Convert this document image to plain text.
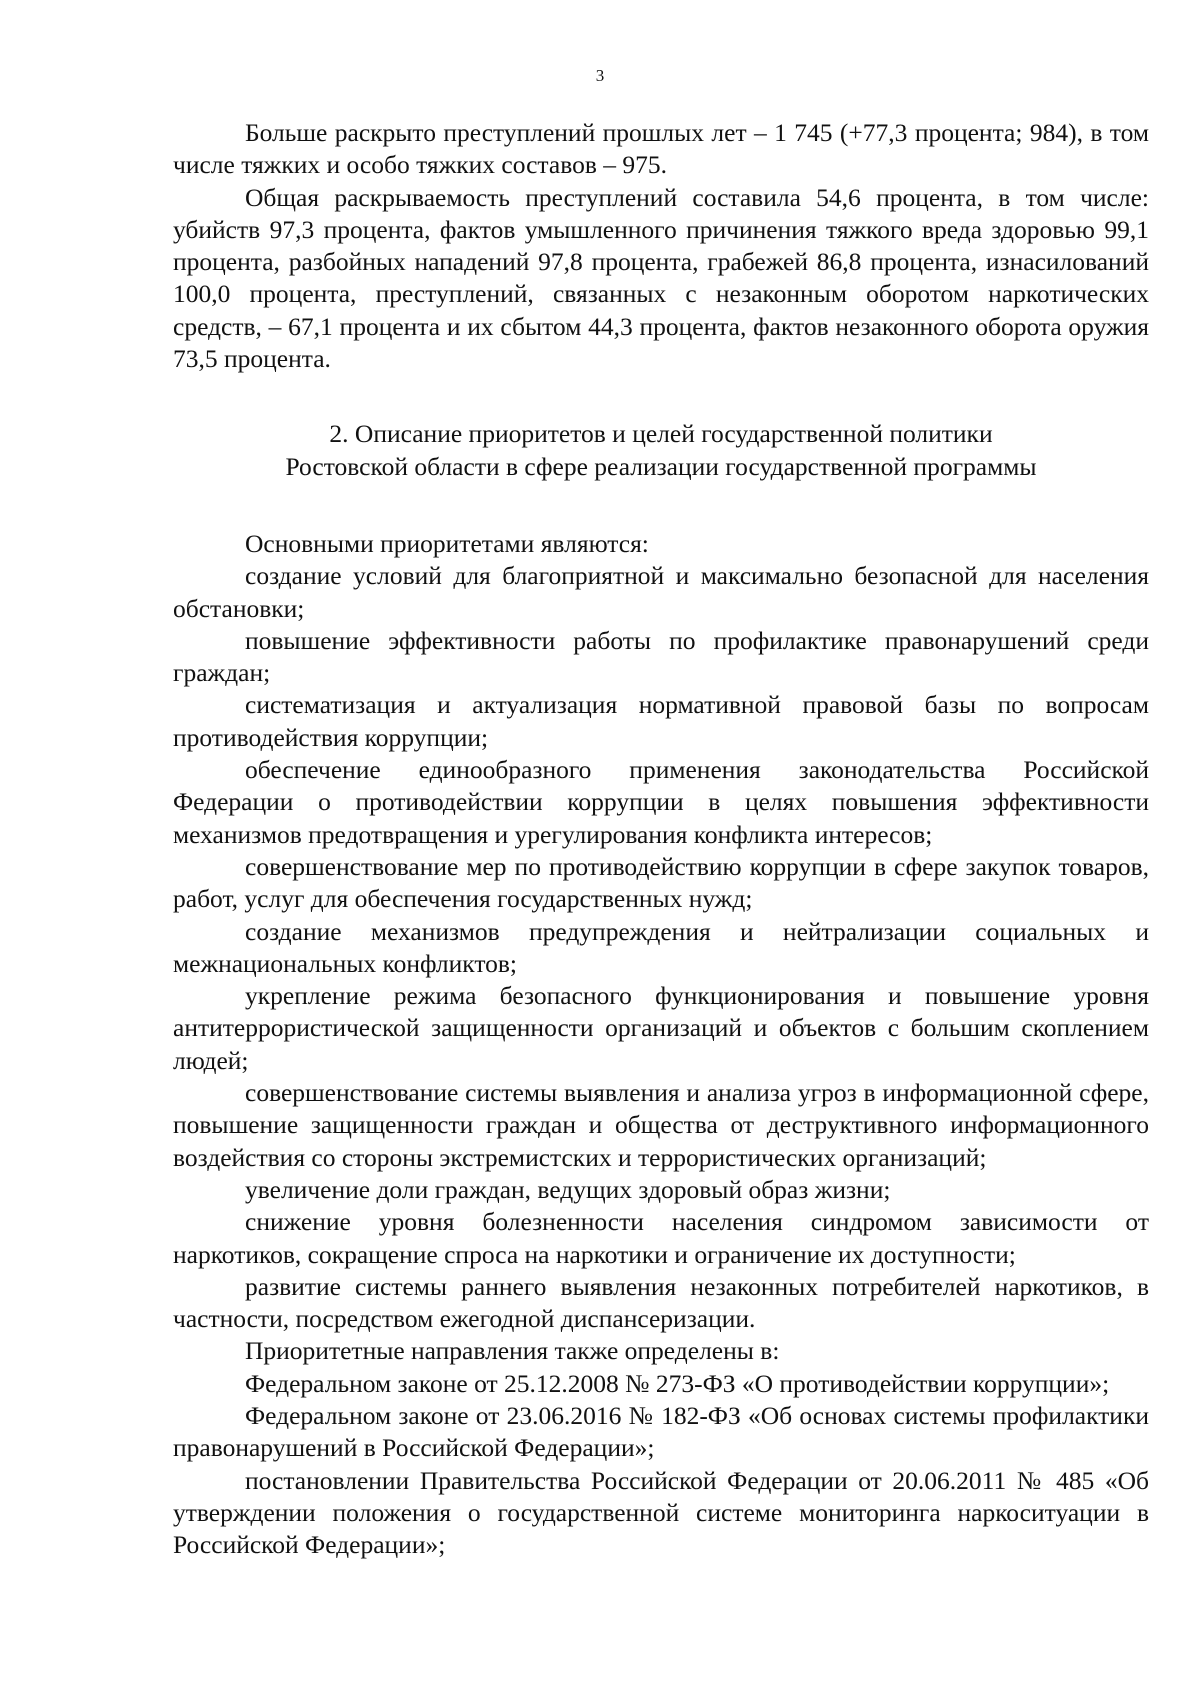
3

Больше раскрыто преступлений прошлых лет – 1 745 (+77,3 процента; 984), в том числе тяжких и особо тяжких составов – 975.

Общая раскрываемость преступлений составила 54,6 процента, в том числе: убийств 97,3 процента, фактов умышленного причинения тяжкого вреда здоровью 99,1 процента, разбойных нападений 97,8 процента, грабежей 86,8 процента, изнасилований 100,0 процента, преступлений, связанных с незаконным оборотом наркотических средств, – 67,1 процента и их сбытом 44,3 процента, фактов незаконного оборота оружия 73,5 процента.

2. Описание приоритетов и целей государственной политики
Ростовской области в сфере реализации государственной программы

Основными приоритетами являются:

создание условий для благоприятной и максимально безопасной для населения обстановки;

повышение эффективности работы по профилактике правонарушений среди граждан;

систематизация и актуализация нормативной правовой базы по вопросам противодействия коррупции;

обеспечение единообразного применения законодательства Российской Федерации о противодействии коррупции в целях повышения эффективности механизмов предотвращения и урегулирования конфликта интересов;

совершенствование мер по противодействию коррупции в сфере закупок товаров, работ, услуг для обеспечения государственных нужд;

создание механизмов предупреждения и нейтрализации социальных и межнациональных конфликтов;

укрепление режима безопасного функционирования и повышение уровня антитеррористической защищенности организаций и объектов с большим скоплением людей;

совершенствование системы выявления и анализа угроз в информационной сфере, повышение защищенности граждан и общества от деструктивного информационного воздействия со стороны экстремистских и террористических организаций;

увеличение доли граждан, ведущих здоровый образ жизни;

снижение уровня болезненности населения синдромом зависимости от наркотиков, сокращение спроса на наркотики и ограничение их доступности;

развитие системы раннего выявления незаконных потребителей наркотиков, в частности, посредством ежегодной диспансеризации.

Приоритетные направления также определены в:

Федеральном законе от 25.12.2008 № 273-ФЗ «О противодействии коррупции»;

Федеральном законе от 23.06.2016 № 182-ФЗ «Об основах системы профилактики правонарушений в Российской Федерации»;

постановлении Правительства Российской Федерации от 20.06.2011 № 485 «Об утверждении положения о государственной системе мониторинга наркоситуации в Российской Федерации»;
